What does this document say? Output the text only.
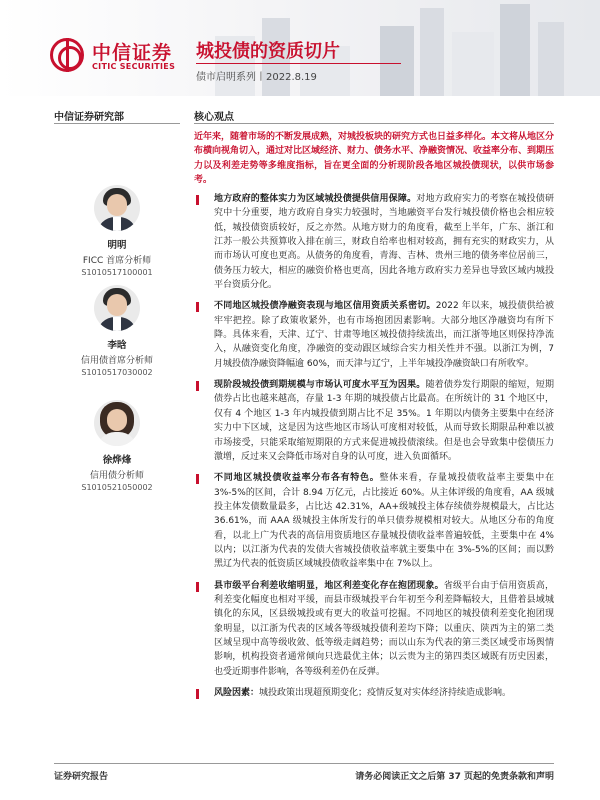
中信证券
CITIC SECURITIES
城投债的资质切片
债市启明系列丨2022.8.19
中信证券研究部	核心观点
明明
FICC 首席分析师
S1010517100001
李晗
信用债首席分析师
S1010517030002
徐烨烽
信用债分析师
S1010521050002
近年来，随着市场的不断发展成熟，对城投板块的研究方式也日益多样化。本文将从地区分布横向视角切入，通过对比区域经济、财力、债务水平、净融资情况、收益率分布、到期压力以及利差走势等多维度指标，旨在更全面的分析现阶段各地区城投债现状，以供市场参考。
地方政府的整体实力为区域城投债提供信用保障。对地方政府实力的考察在城投债研究中十分重要，地方政府自身实力较强时，当地融资平台发行城投债价格也会相应较低，城投债资质较好，反之亦然。从地方财力的角度看，截至上半年，广东、浙江和江苏一般公共预算收入排在前三，财政自给率也相对较高，拥有充实的财政实力，从而市场认可度也更高。从债务的角度看，青海、吉林、贵州三地的债务率位居前三，债务压力较大，相应的融资价格也更高，因此各地方政府实力差异也导致区域内城投平台资质分化。
不同地区城投债净融资表现与地区信用资质关系密切。2022 年以来，城投债供给被牢牢把控。除了政策收紧外，也有市场抱团因素影响。大部分地区净融资均有所下降。具体来看，天津、辽宁、甘肃等地区城投债持续流出，而江浙等地区则保持净流入，从融资变化角度，净融资的变动跟区域综合实力相关性并不强。以浙江为例，7 月城投债净融资降幅逾 60%，而天津与辽宁，上半年城投净融资缺口有所收窄。
现阶段城投债到期规模与市场认可度水平互为因果。随着债券发行期限的缩短，短期债券占比也越来越高，存量 1-3 年期的城投债占比最高。在所统计的 31 个地区中，仅有 4 个地区 1-3 年内城投债到期占比不足 35%。1 年期以内债务主要集中在经济实力中下区域，这是因为这些地区市场认可度相对较低，从而导致长期限品种难以被市场接受，只能采取缩短期限的方式来促进城投债滚续。但是也会导致集中偿债压力激增，反过来又会降低市场对自身的认可度，进入负面循环。
不同地区城投债收益率分布各有特色。整体来看，存量城投债收益率主要集中在 3%-5%的区间，合计 8.94 万亿元，占比接近 60%。从主体评级的角度看，AA 级城投主体发债数量最多，占比达 42.31%，AA+级城投主体存续债券规模最大，占比达 36.61%，而 AAA 级城投主体所发行的单只债券规模相对较大。从地区分布的角度看，以北上广为代表的高信用资质地区存量城投债收益率普遍较低，主要集中在 4%以内；以江浙为代表的发债大省城投债收益率就主要集中在 3%-5%的区间；而以黔黑辽为代表的低资质区域城投债收益率集中在 7%以上。
县市级平台利差收缩明显，地区利差变化存在抱团现象。省级平台由于信用资质高，利差变化幅度也相对平缓，而县市级城投平台年初至今利差降幅较大，且借着县域城镇化的东风，区县级城投或有更大的收益可挖掘。不同地区的城投债利差变化抱团现象明显，以江浙为代表的区域各等级城投债利差均下降；以重庆、陕西为主的第二类区域呈现中高等级收敛、低等级走阔趋势；而以山东为代表的第三类区域受市场舆情影响，机构投资者通常倾向只选最优主体；以云贵为主的第四类区域既有历史因素，也受近期事件影响，各等级利差仍在反弹。
风险因素：城投政策出现超预期变化；疫情反复对实体经济持续造成影响。
证券研究报告	请务必阅读正文之后第 37 页起的免责条款和声明
